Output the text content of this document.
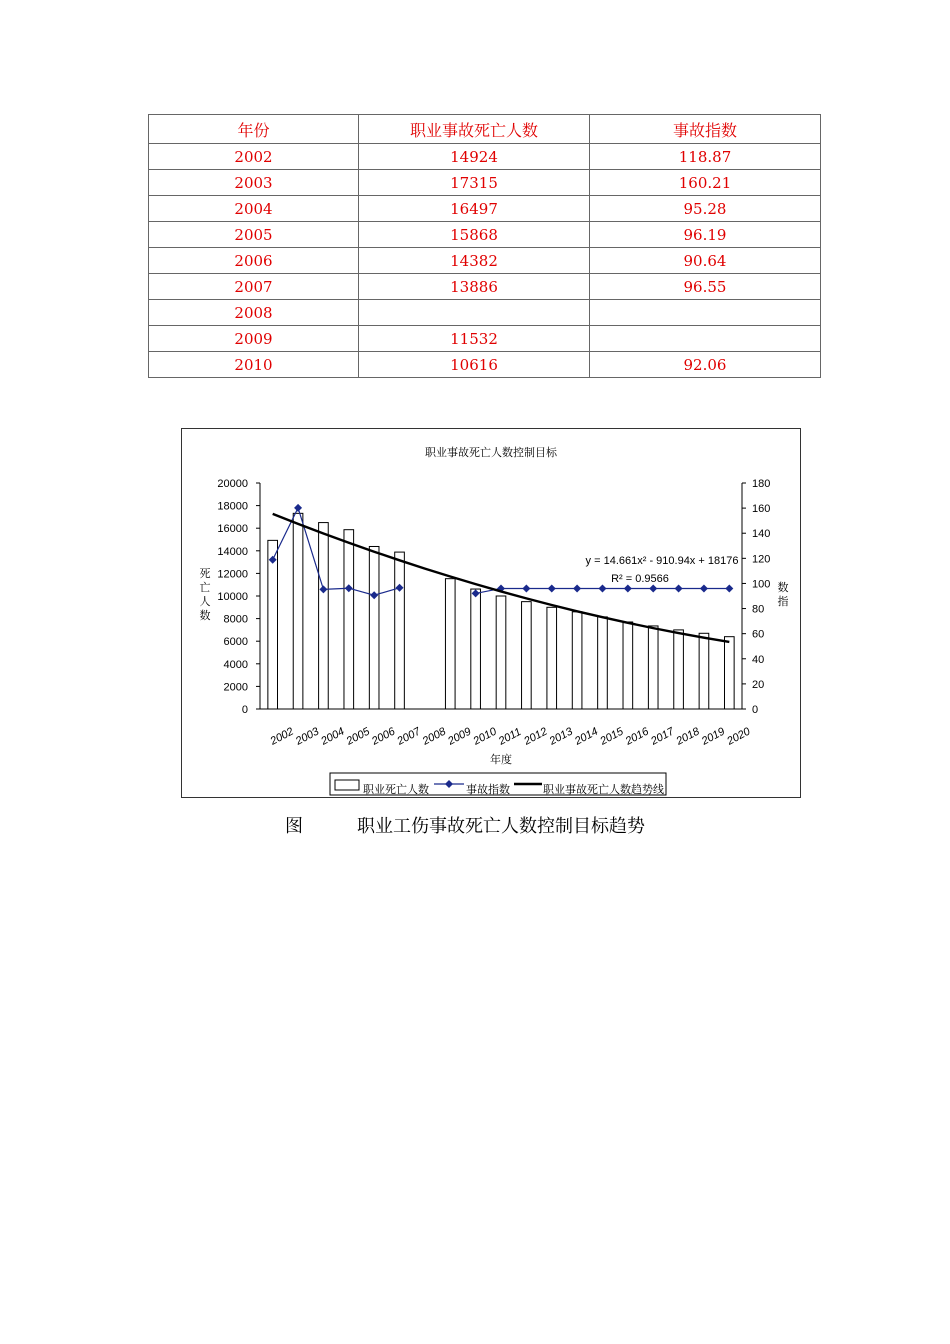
年份	职业事故死亡人数	事故指数
2002	14924	118.87
2003	17315	160.21
2004	16497	95.28
2005	15868	96.19
2006	14382	90.64
2007	13886	96.55
2008		
2009	11532	
2010	10616	92.06
职业事故死亡人数控制目标
0
2000
4000
6000
8000
10000
12000
14000
16000
18000
20000
0
20
40
60
80
100
120
140
160
180
死
亡
人
数
数
指
2002
2003
2004
2005
2006
2007
2008
2009
2010
2011
2012
2013
2014
2015
2016
2017
2018
2019
2020
年度
y = 14.661x² - 910.94x + 18176
R² = 0.9566
职业死亡人数	事故指数	职业事故死亡人数趋势线
图	职业工伤事故死亡人数控制目标趋势
